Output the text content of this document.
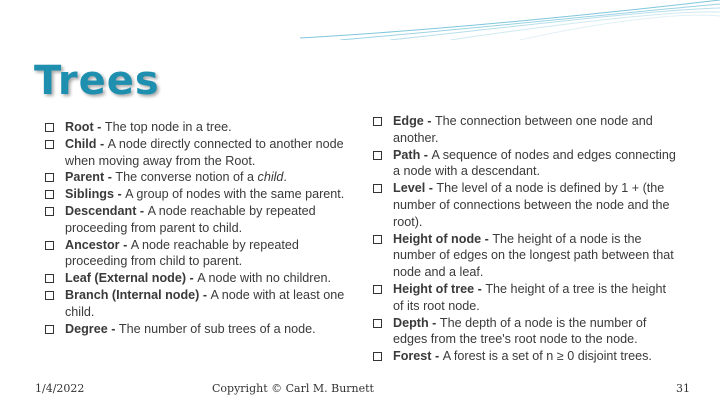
Trees
Root - The top node in a tree.
Child - A node directly connected to another node when moving away from the Root.
Parent - The converse notion of a child.
Siblings - A group of nodes with the same parent.
Descendant - A node reachable by repeated proceeding from parent to child.
Ancestor - A node reachable by repeated proceeding from child to parent.
Leaf (External node) - A node with no children.
Branch (Internal node) - A node with at least one child.
Degree - The number of sub trees of a node.
Edge - The connection between one node and another.
Path - A sequence of nodes and edges connecting a node with a descendant.
Level - The level of a node is defined by 1 + (the number of connections between the node and the root).
Height of node - The height of a node is the number of edges on the longest path between that node and a leaf.
Height of tree - The height of a tree is the height of its root node.
Depth - The depth of a node is the number of edges from the tree's root node to the node.
Forest - A forest is a set of n ≥ 0 disjoint trees.
1/4/2022	Copyright © Carl M. Burnett	31
